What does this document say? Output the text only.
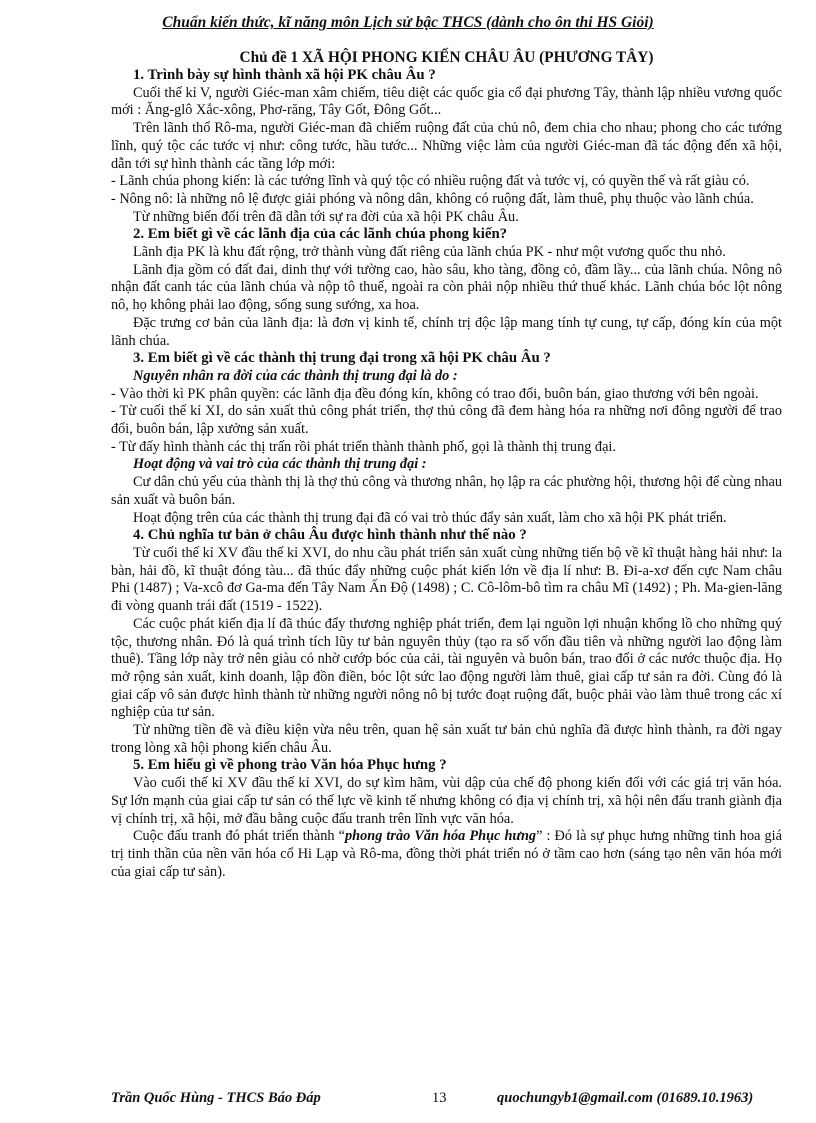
Chuẩn kiến thức, kĩ năng môn Lịch sử bậc THCS (dành cho ôn thi HS Giỏi)

Chủ đề 1 XÃ HỘI PHONG KIẾN CHÂU ÂU (PHƯƠNG TÂY)

1. Trình bày sự hình thành xã hội PK châu Âu ?

Cuối thế kỉ V, người Giéc-man xâm chiếm, tiêu diệt các quốc gia cổ đại phương Tây, thành lập nhiều vương quốc mới : Ăng-glô Xắc-xông, Phơ-răng, Tây Gốt, Đông Gốt...

Trên lãnh thổ Rô-ma, người Giéc-man đã chiếm ruộng đất của chủ nô, đem chia cho nhau; phong cho các tướng lĩnh, quý tộc các tước vị như: công tước, hầu tước... Những việc làm của người Giéc-man đã tác động đến xã hội, dẫn tới sự hình thành các tầng lớp mới:

- Lãnh chúa phong kiến: là các tướng lĩnh và quý tộc có nhiều ruộng đất và tước vị, có quyền thế và rất giàu có.

- Nông nô: là những nô lệ được giải phóng và nông dân, không có ruộng đất, làm thuê, phụ thuộc vào lãnh chúa.

Từ những biến đổi trên đã dẫn tới sự ra đời của xã hội PK châu Âu.

2. Em biết gì về các lãnh địa của các lãnh chúa phong kiến?

Lãnh địa PK là khu đất rộng, trở thành vùng đất riêng của lãnh chúa PK - như một vương quốc thu nhỏ.

Lãnh địa gồm có đất đai, dinh thự với tường cao, hào sâu, kho tàng, đồng cỏ, đầm lầy... của lãnh chúa. Nông nô nhận đất canh tác của lãnh chúa và nộp tô thuế, ngoài ra còn phải nộp nhiều thứ thuế khác. Lãnh chúa bóc lột nông nô, họ không phải lao động, sống sung sướng, xa hoa.

Đặc trưng cơ bản của lãnh địa: là đơn vị kinh tế, chính trị độc lập mang tính tự cung, tự cấp, đóng kín của một lãnh chúa.

3. Em biết gì về các thành thị trung đại trong xã hội PK châu Âu ?

Nguyên nhân ra đời của các thành thị trung đại là do :

- Vào thời kì PK phân quyền: các lãnh địa đều đóng kín, không có trao đổi, buôn bán, giao thương với bên ngoài.

- Từ cuối thế kỉ XI, do sản xuất thủ công phát triển, thợ thủ công đã đem hàng hóa ra những nơi đông người để trao đổi, buôn bán, lập xưởng sản xuất.

- Từ đấy hình thành các thị trấn rồi phát triển thành thành phố, gọi là thành thị trung đại.

Hoạt động và vai trò của các thành thị trung đại :

Cư dân chủ yếu của thành thị là thợ thủ công và thương nhân, họ lập ra các phường hội, thương hội để cùng nhau sản xuất và buôn bán.

Hoạt động trên của các thành thị trung đại đã có vai trò thúc đẩy sản xuất, làm cho xã hội PK phát triển.

4. Chủ nghĩa tư bản ở châu Âu được hình thành như thế nào ?

Từ cuối thế kỉ XV đầu thế kỉ XVI, do nhu cầu phát triển sản xuất cùng những tiến bộ về kĩ thuật hàng hải như: la bàn, hải đồ, kĩ thuật đóng tàu... đã thúc đẩy những cuộc phát kiến lớn về địa lí như: B. Đi-a-xơ đến cực Nam châu Phi (1487) ; Va-xcô đơ Ga-ma đến Tây Nam Ấn Độ (1498) ; C. Cô-lôm-bô tìm ra châu Mĩ (1492) ; Ph. Ma-gien-lăng đi vòng quanh trái đất (1519 - 1522).

Các cuộc phát kiến địa lí đã thúc đẩy thương nghiệp phát triển, đem lại nguồn lợi nhuận khổng lồ cho những quý tộc, thương nhân. Đó là quá trình tích lũy tư bản nguyên thủy (tạo ra số vốn đầu tiên và những người lao động làm thuê). Tầng lớp này trở nên giàu có nhờ cướp bóc của cải, tài nguyên và buôn bán, trao đổi ở các nước thuộc địa. Họ mở rộng sản xuất, kinh doanh, lập đồn điền, bóc lột sức lao động người làm thuê, giai cấp tư sản ra đời. Cùng đó là giai cấp vô sản được hình thành từ những người nông nô bị tước đoạt ruộng đất, buộc phải vào làm thuê trong các xí nghiệp của tư sản.

Từ những tiền đề và điều kiện vừa nêu trên, quan hệ sản xuất tư bản chủ nghĩa đã được hình thành, ra đời ngay trong lòng xã hội phong kiến châu Âu.

5. Em hiểu gì về phong trào Văn hóa Phục hưng ?

Vào cuối thế kỉ XV đầu thế kỉ XVI, do sự kìm hãm, vùi dập của chế độ phong kiến đối với các giá trị văn hóa. Sự lớn mạnh của giai cấp tư sản có thế lực về kinh tế nhưng không có địa vị chính trị, xã hội nên đấu tranh giành địa vị chính trị, xã hội, mở đầu bằng cuộc đấu tranh trên lĩnh vực văn hóa.

Cuộc đấu tranh đó phát triển thành “phong trào Văn hóa Phục hưng” : Đó là sự phục hưng những tinh hoa giá trị tinh thần của nền văn hóa cổ Hi Lạp và Rô-ma, đồng thời phát triển nó ở tầm cao hơn (sáng tạo nên văn hóa mới của giai cấp tư sản).

Trần Quốc Hùng - THCS Báo Đáp	13	quochungyb1@gmail.com (01689.10.1963)
